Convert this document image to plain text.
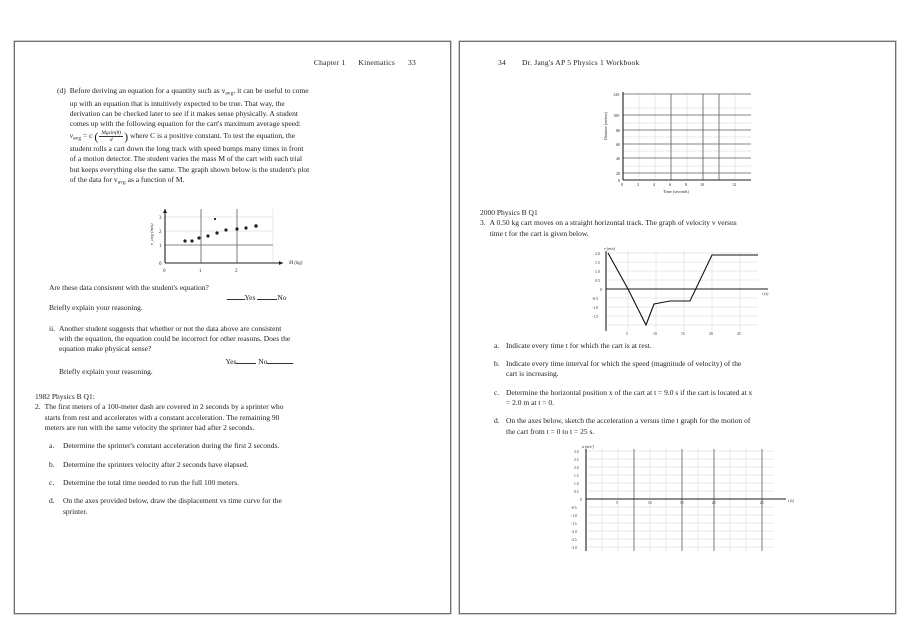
Chapter 1 Kinematics 33
(d) Before deriving an equation for a quantity such as $v_{avg}$, it can be useful to come
up with an equation that is intuitively expected to be true. That way, the
derivation can be checked later to see if it makes sense physically. A student
comes up with the following equation for the cart's maximum average speed:
$v_{avg} = c$ ( $\frac{Mgsin(\theta)}{d}$ ) where C is a positive constant. To test the equation, the
student rolls a cart down the long track with speed bumps many times in front
of a motion detector. The student varies the mass M of the cart with each trial
but keeps everything else the same. The graph shown below is the student's plot
of the data for $v_{avg}$ as a function of M.
0
1
2
3
0	1	2
M (kg)
v_avg (m/s)
Are these data consistent with the student's equation?
Yes	No
Briefly explain your reasoning.
ii. Another student suggests that whether or not the data above are consistent
with the equation, the equation could be incorrect for other reasons. Does the
equation make physical sense?
Yes	No
Briefly explain your reasoning.
1982 Physics B Q1:
2. The first meters of a 100-meter dash are covered in 2 seconds by a sprinter who
starts from rest and accelerates with a constant acceleration. The remaining 90
meters are run with the same velocity the sprinter had after 2 seconds.
a.	Determine the sprinter's constant acceleration during the first 2 seconds.
b.	Determine the sprinters velocity after 2 seconds have elapsed.
c.	Determine the total time needed to run the full 100 meters.
d.	On the axes provided below, draw the displacement vs time curve for the
sprinter.
34 Dr. Jang's AP 5 Physics 1 Workbook
120
100
80
60
40
20
0
0	2	4	6	8	10	12
Time (seconds)
Distance (meters)
2000 Physics B Q1
3. A 0.50 kg cart moves on a straight horizontal track. The graph of velocity v versus
time t for the cart is given below.
2.0
1.5
1.0
0.5
0
-0.5
-1.0
-1.5
5	10	15	20	25
t (s)
v (m/s)
a. Indicate every time t for which the cart is at rest.
b. Indicate every time interval for which the speed (magnitude of velocity) of the
cart is increasing.
c. Determine the horizontal position x of the cart at t = 9.0 s if the cart is located at x
= 2.0 m at t = 0.
d. On the axes below, sketch the acceleration a versus time t graph for the motion of
the cart from t = 0 to t = 25 s.
3.0
2.5
2.0
1.5
1.0
0.5
0
-0.5
-1.0
-1.5
-2.0
-2.5
-3.0
5	10	15	20	25	t (s)
a (m/s²)
